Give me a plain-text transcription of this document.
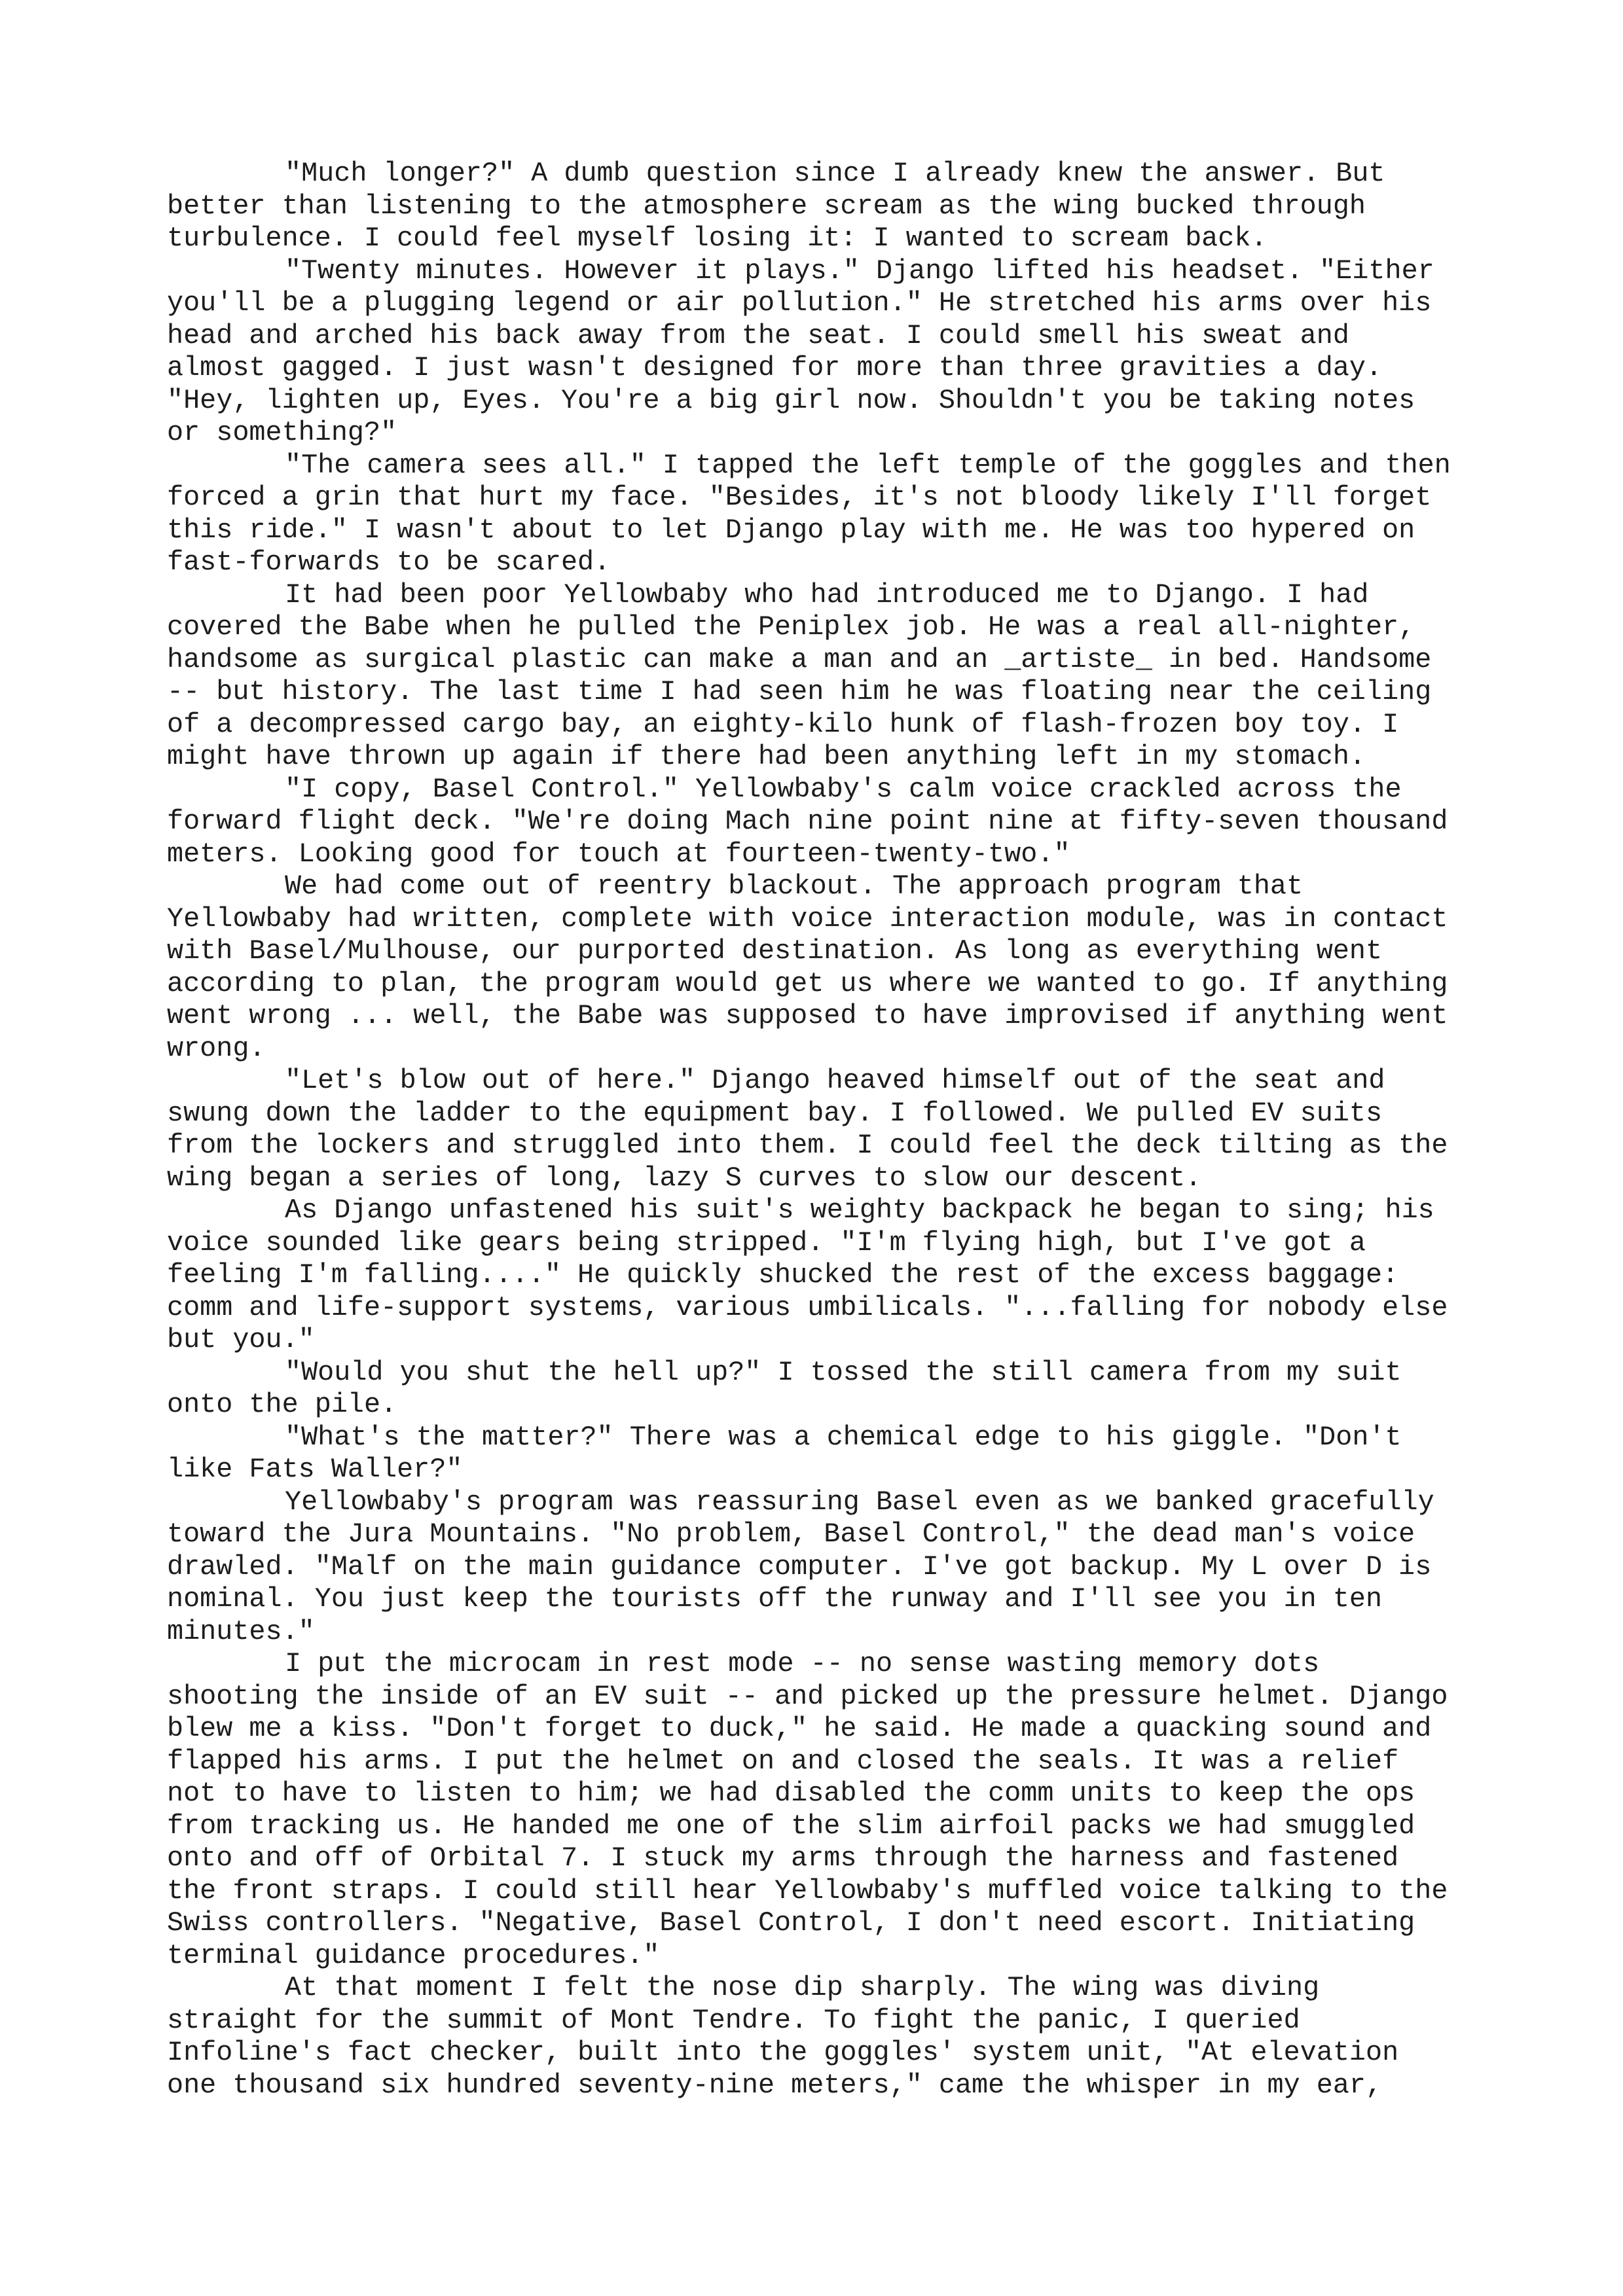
"Much longer?" A dumb question since I already knew the answer. But
better than listening to the atmosphere scream as the wing bucked through
turbulence. I could feel myself losing it: I wanted to scream back.
"Twenty minutes. However it plays." Django lifted his headset. "Either
you'll be a plugging legend or air pollution." He stretched his arms over his
head and arched his back away from the seat. I could smell his sweat and
almost gagged. I just wasn't designed for more than three gravities a day.
"Hey, lighten up, Eyes. You're a big girl now. Shouldn't you be taking notes
or something?"
"The camera sees all." I tapped the left temple of the goggles and then
forced a grin that hurt my face. "Besides, it's not bloody likely I'll forget
this ride." I wasn't about to let Django play with me. He was too hypered on
fast-forwards to be scared.
It had been poor Yellowbaby who had introduced me to Django. I had
covered the Babe when he pulled the Peniplex job. He was a real all-nighter,
handsome as surgical plastic can make a man and an _artiste_ in bed. Handsome
-- but history. The last time I had seen him he was floating near the ceiling
of a decompressed cargo bay, an eighty-kilo hunk of flash-frozen boy toy. I
might have thrown up again if there had been anything left in my stomach.
"I copy, Basel Control." Yellowbaby's calm voice crackled across the
forward flight deck. "We're doing Mach nine point nine at fifty-seven thousand
meters. Looking good for touch at fourteen-twenty-two."
We had come out of reentry blackout. The approach program that
Yellowbaby had written, complete with voice interaction module, was in contact
with Basel/Mulhouse, our purported destination. As long as everything went
according to plan, the program would get us where we wanted to go. If anything
went wrong ... well, the Babe was supposed to have improvised if anything went
wrong.
"Let's blow out of here." Django heaved himself out of the seat and
swung down the ladder to the equipment bay. I followed. We pulled EV suits
from the lockers and struggled into them. I could feel the deck tilting as the
wing began a series of long, lazy S curves to slow our descent.
As Django unfastened his suit's weighty backpack he began to sing; his
voice sounded like gears being stripped. "I'm flying high, but I've got a
feeling I'm falling...." He quickly shucked the rest of the excess baggage:
comm and life-support systems, various umbilicals. "...falling for nobody else
but you."
"Would you shut the hell up?" I tossed the still camera from my suit
onto the pile.
"What's the matter?" There was a chemical edge to his giggle. "Don't
like Fats Waller?"
Yellowbaby's program was reassuring Basel even as we banked gracefully
toward the Jura Mountains. "No problem, Basel Control," the dead man's voice
drawled. "Malf on the main guidance computer. I've got backup. My L over D is
nominal. You just keep the tourists off the runway and I'll see you in ten
minutes."
I put the microcam in rest mode -- no sense wasting memory dots
shooting the inside of an EV suit -- and picked up the pressure helmet. Django
blew me a kiss. "Don't forget to duck," he said. He made a quacking sound and
flapped his arms. I put the helmet on and closed the seals. It was a relief
not to have to listen to him; we had disabled the comm units to keep the ops
from tracking us. He handed me one of the slim airfoil packs we had smuggled
onto and off of Orbital 7. I stuck my arms through the harness and fastened
the front straps. I could still hear Yellowbaby's muffled voice talking to the
Swiss controllers. "Negative, Basel Control, I don't need escort. Initiating
terminal guidance procedures."
At that moment I felt the nose dip sharply. The wing was diving
straight for the summit of Mont Tendre. To fight the panic, I queried
Infoline's fact checker, built into the goggles' system unit, "At elevation
one thousand six hundred seventy-nine meters," came the whisper in my ear,
